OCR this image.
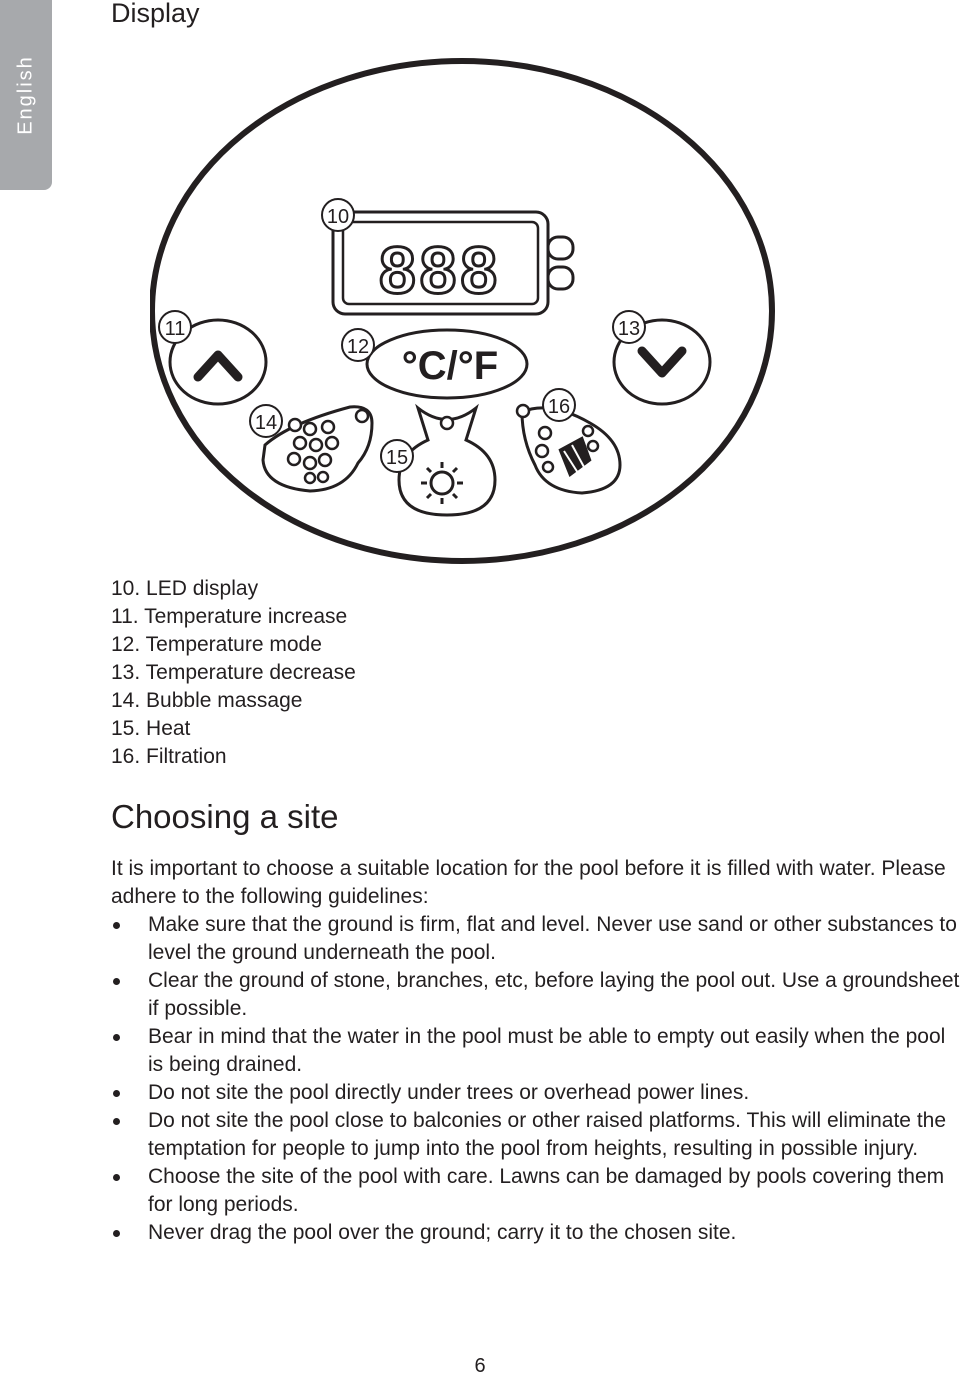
English
Display
888
°C/°F
10
11
12
13
14
15
16
10. LED display
11. Temperature increase
12. Temperature mode
13. Temperature decrease
14. Bubble massage
15. Heat
16. Filtration
Choosing a site

It is important to choose a suitable location for the pool before it is filled with water. Please adhere to the following guidelines:

Make sure that the ground is firm, flat and level. Never use sand or other substances to level the ground underneath the pool.
Clear the ground of stone, branches, etc, before laying the pool out. Use a groundsheet if possible.
Bear in mind that the water in the pool must be able to empty out easily when the pool is being drained.
Do not site the pool directly under trees or overhead power lines.
Do not site the pool close to balconies or other raised platforms. This will eliminate the temptation for people to jump into the pool from heights, resulting in possible injury.
Choose the site of the pool with care. Lawns can be damaged by pools covering them for long periods.
Never drag the pool over the ground; carry it to the chosen site.
6
